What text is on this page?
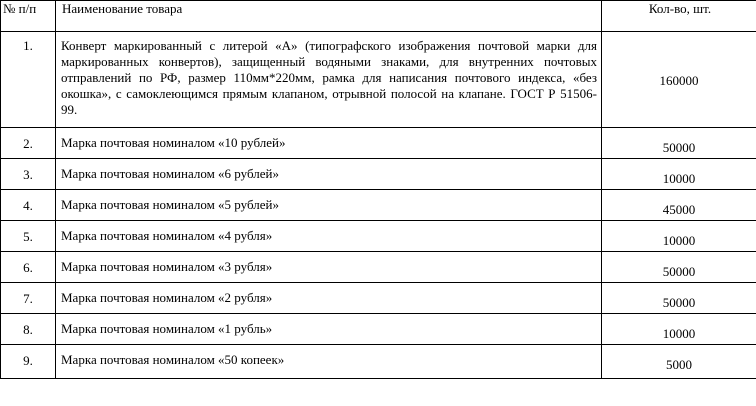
№ п/п	Наименование товара	Кол-во, шт.
1.	Конверт маркированный с литерой «А» (типографского изображения почтовой марки для маркированных конвертов), защищенный водяными знаками, для внутренних почтовых отправлений по РФ, размер 110мм*220мм, рамка для написания почтового индекса, «без окошка», с самоклеющимся прямым клапаном, отрывной полосой на клапане. ГОСТ Р 51506-99.	160000
2.	Марка почтовая номиналом «10 рублей»	50000
3.	Марка почтовая номиналом «6 рублей»	10000
4.	Марка почтовая номиналом «5 рублей»	45000
5.	Марка почтовая номиналом «4 рубля»	10000
6.	Марка почтовая номиналом «3 рубля»	50000
7.	Марка почтовая номиналом «2 рубля»	50000
8.	Марка почтовая номиналом «1 рубль»	10000
9.	Марка почтовая номиналом «50 копеек»	5000
